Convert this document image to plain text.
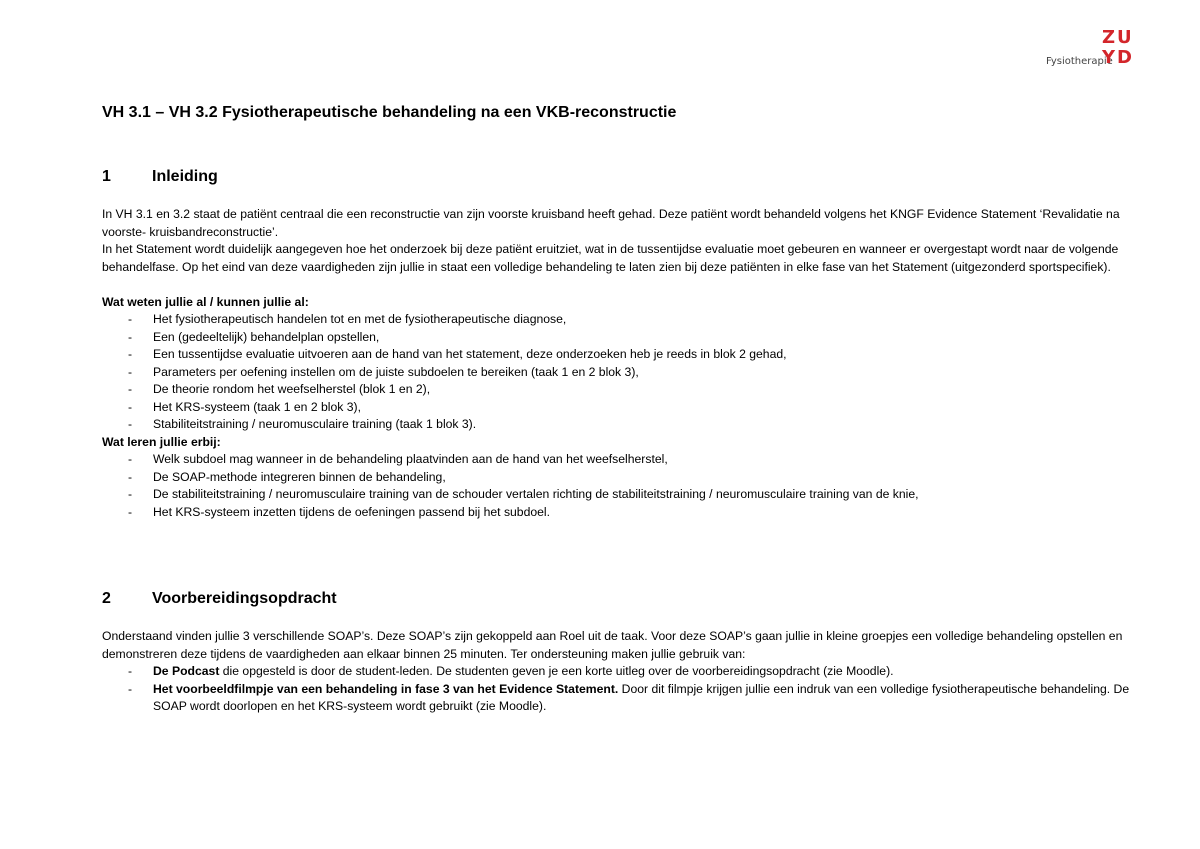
Fysiotherapie
ZU
YD
VH 3.1 – VH 3.2 Fysiotherapeutische behandeling na een VKB-reconstructie
1	Inleiding

In VH 3.1 en 3.2 staat de patiënt centraal die een reconstructie van zijn voorste kruisband heeft gehad. Deze patiënt wordt behandeld volgens het KNGF Evidence Statement ‘Revalidatie na voorste- kruisbandreconstructie’.

In het Statement wordt duidelijk aangegeven hoe het onderzoek bij deze patiënt eruitziet, wat in de tussentijdse evaluatie moet gebeuren en wanneer er overgestapt wordt naar de volgende behandelfase. Op het eind van deze vaardigheden zijn jullie in staat een volledige behandeling te laten zien bij deze patiënten in elke fase van het Statement (uitgezonderd sportspecifiek).

Wat weten jullie al / kunnen jullie al:

- Het fysiotherapeutisch handelen tot en met de fysiotherapeutische diagnose,
- Een (gedeeltelijk) behandelplan opstellen,
- Een tussentijdse evaluatie uitvoeren aan de hand van het statement, deze onderzoeken heb je reeds in blok 2 gehad,
- Parameters per oefening instellen om de juiste subdoelen te bereiken (taak 1 en 2 blok 3),
- De theorie rondom het weefselherstel (blok 1 en 2),
- Het KRS-systeem (taak 1 en 2 blok 3),
- Stabiliteitstraining / neuromusculaire training (taak 1 blok 3).

Wat leren jullie erbij:

- Welk subdoel mag wanneer in de behandeling plaatvinden aan de hand van het weefselherstel,
- De SOAP-methode integreren binnen de behandeling,
- De stabiliteitstraining / neuromusculaire training van de schouder vertalen richting de stabiliteitstraining / neuromusculaire training van de knie,
- Het KRS-systeem inzetten tijdens de oefeningen passend bij het subdoel.
2	Voorbereidingsopdracht

Onderstaand vinden jullie 3 verschillende SOAP’s. Deze SOAP’s zijn gekoppeld aan Roel uit de taak. Voor deze SOAP’s gaan jullie in kleine groepjes een volledige behandeling opstellen en demonstreren deze tijdens de vaardigheden aan elkaar binnen 25 minuten. Ter ondersteuning maken jullie gebruik van:

- De Podcast die opgesteld is door de student-leden. De studenten geven je een korte uitleg over de voorbereidingsopdracht (zie Moodle).
- Het voorbeeldfilmpje van een behandeling in fase 3 van het Evidence Statement. Door dit filmpje krijgen jullie een indruk van een volledige fysiotherapeutische behandeling. De SOAP wordt doorlopen en het KRS-systeem wordt gebruikt (zie Moodle).
